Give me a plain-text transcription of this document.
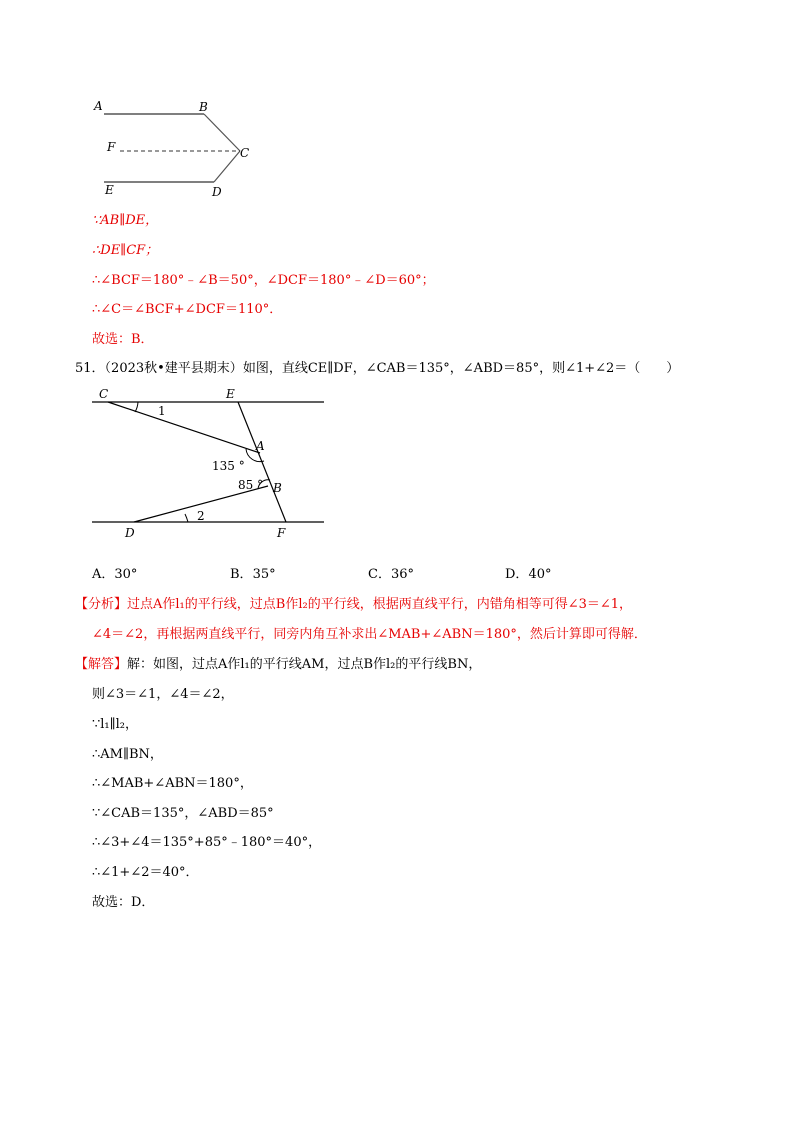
A	B
C
D
E
F
∵AB∥DE，
∴DE∥CF；
∴∠BCF＝180°﹣∠B＝50°，∠DCF＝180°﹣∠D＝60°；
∴∠C＝∠BCF+∠DCF＝110°．
故选：B．
51．（2023秋•建平县期末）如图，直线CE∥DF，∠CAB＝135°，∠ABD＝85°，则∠1+∠2＝（　　）
C	E
A
B
D	F
1
2
135 °
85 °
A．30°	B．35°	C．36°	D．40°
【分析】过点A作l₁的平行线，过点B作l₂的平行线，根据两直线平行，内错角相等可得∠3＝∠1，
∠4＝∠2，再根据两直线平行，同旁内角互补求出∠MAB+∠ABN＝180°，然后计算即可得解．
【解答】解：如图，过点A作l₁的平行线AM，过点B作l₂的平行线BN，
则∠3＝∠1，∠4＝∠2，
∵l₁∥l₂，
∴AM∥BN，
∴∠MAB+∠ABN＝180°，
∵∠CAB＝135°，∠ABD＝85°
∴∠3+∠4＝135°+85°﹣180°＝40°，
∴∠1+∠2＝40°．
故选：D．
